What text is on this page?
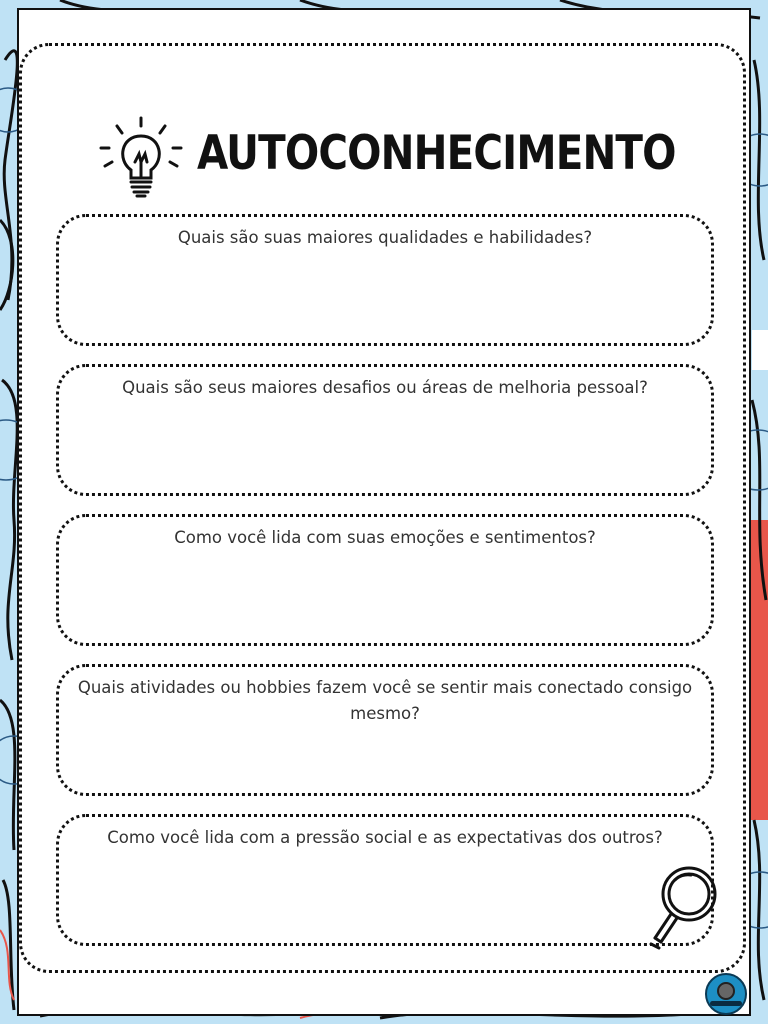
AUTOCONHECIMENTO
Quais são suas maiores qualidades e habilidades?
Quais são seus maiores desafios ou áreas de melhoria pessoal?
Como você lida com suas emoções e sentimentos?
Quais atividades ou hobbies fazem você se sentir mais conectado consigo mesmo?
Como você lida com a pressão social e as expectativas dos outros?
